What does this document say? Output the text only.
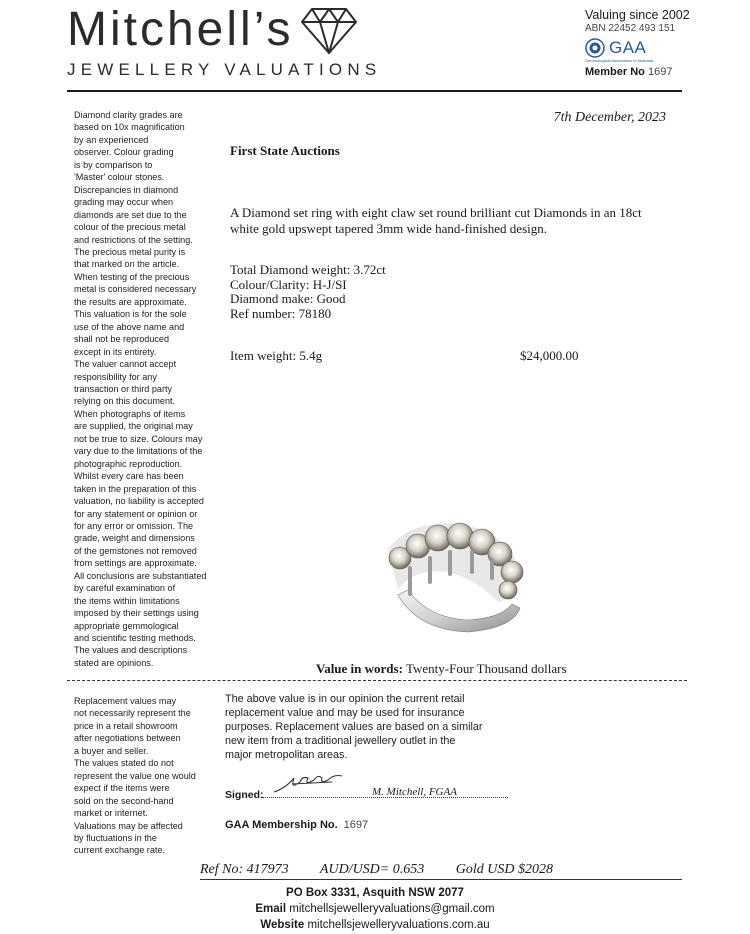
Mitchell’s
JEWELLERY VALUATIONS
Valuing since 2002
ABN 22452 493 151
GAA
Gemmological Association of Australia
Member No 1697
Diamond clarity grades are
based on 10x magnification
by an experienced
observer. Colour grading
is by comparison to
'Master' colour stones.
Discrepancies in diamond
grading may occur when
diamonds are set due to the
colour of the precious metal
and restrictions of the setting.
The precious metal purity is
that marked on the article.
When testing of the precious
metal is considered necessary
the results are approximate.
This valuation is for the sole
use of the above name and
shall not be reproduced
except in its entirety.
The valuer cannot accept
responsibility for any
transaction or third party
relying on this document.
When photographs of items
are supplied, the original may
not be true to size. Colours may
vary due to the limitations of the
photographic reproduction.
Whilst every care has been
taken in the preparation of this
valuation, no liability is accepted
for any statement or opinion or
for any error or omission. The
grade, weight and dimensions
of the gemstones not removed
from settings are approximate.
All conclusions are substantiated
by careful examination of
the items within limitations
imposed by their settings using
appropriate gemmological
and scientific testing methods.
The values and descriptions
stated are opinions.
Replacement values may
not necessarily represent the
price in a retail showroom
after negotiations between
a buyer and seller.
The values stated do not
represent the value one would
expect if the items were
sold on the second-hand
market or internet.
Valuations may be affected
by fluctuations in the
current exchange rate.
7th December, 2023
First State Auctions
A Diamond set ring with eight claw set round brilliant cut Diamonds in an 18ct white gold upswept tapered 3mm wide hand-finished design.
Total Diamond weight: 3.72ct
Colour/Clarity: H-J/SI
Diamond make: Good
Ref number: 78180
Item weight: 5.4g	$24,000.00
Value in words: Twenty-Four Thousand dollars
The above value is in our opinion the current retail
replacement value and may be used for insurance
purposes. Replacement values are based on a similar
new item from a traditional jewellery outlet in the
major metropolitan areas.
Signed:	M. Mitchell, FGAA
GAA Membership No. 1697
Ref No: 417973 AUD/USD= 0.653 Gold USD $2028
PO Box 3331, Asquith NSW 2077
Email mitchellsjewelleryvaluations@gmail.com
Website mitchellsjewelleryvaluations.com.au
